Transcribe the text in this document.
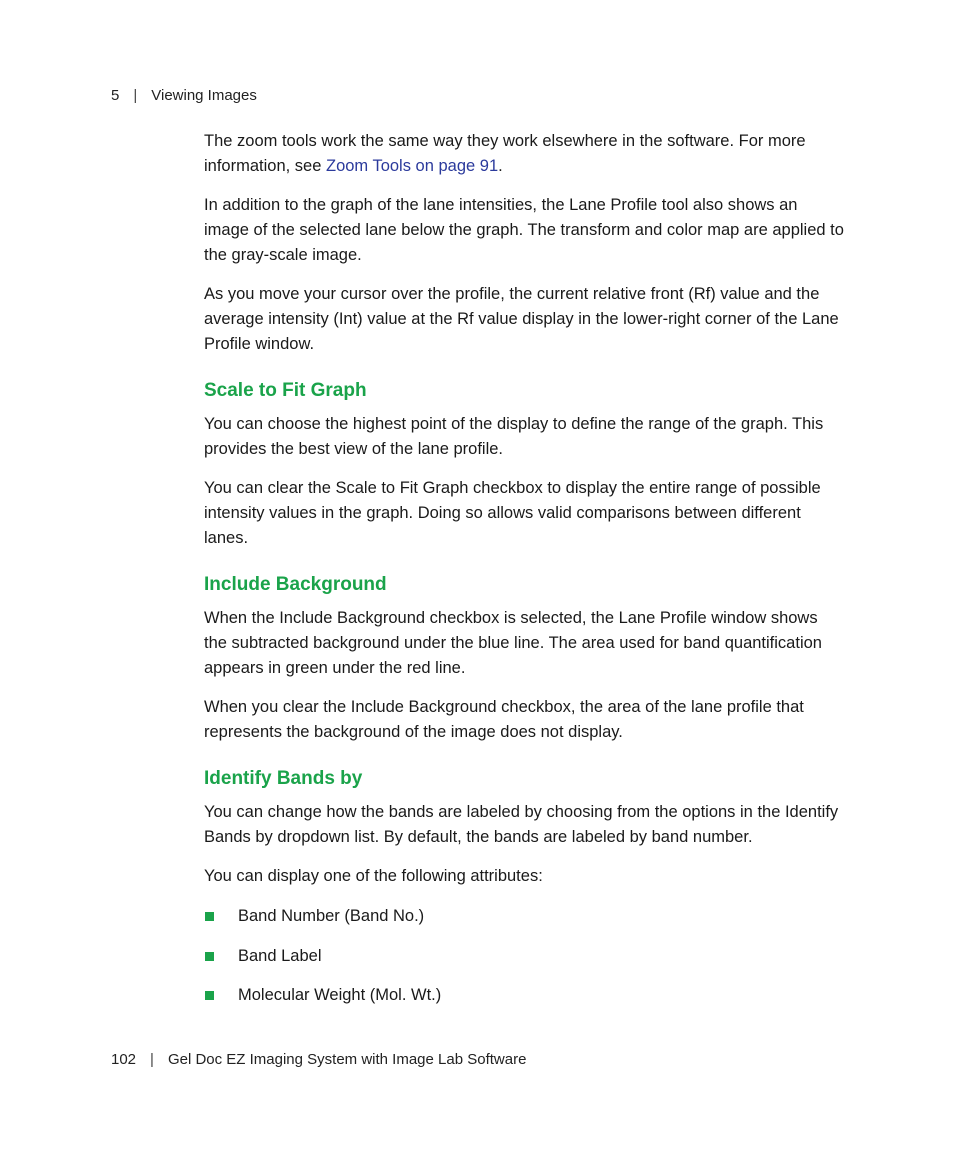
5 | Viewing Images

The zoom tools work the same way they work elsewhere in the software. For more information, see Zoom Tools on page 91.

In addition to the graph of the lane intensities, the Lane Profile tool also shows an image of the selected lane below the graph. The transform and color map are applied to the gray-scale image.

As you move your cursor over the profile, the current relative front (Rf) value and the average intensity (Int) value at the Rf value display in the lower-right corner of the Lane Profile window.

Scale to Fit Graph

You can choose the highest point of the display to define the range of the graph. This provides the best view of the lane profile.

You can clear the Scale to Fit Graph checkbox to display the entire range of possible intensity values in the graph. Doing so allows valid comparisons between different lanes.

Include Background

When the Include Background checkbox is selected, the Lane Profile window shows the subtracted background under the blue line. The area used for band quantification appears in green under the red line.

When you clear the Include Background checkbox, the area of the lane profile that represents the background of the image does not display.

Identify Bands by

You can change how the bands are labeled by choosing from the options in the Identify Bands by dropdown list. By default, the bands are labeled by band number.

You can display one of the following attributes:

Band Number (Band No.)
Band Label
Molecular Weight (Mol. Wt.)
102 | Gel Doc EZ Imaging System with Image Lab Software
